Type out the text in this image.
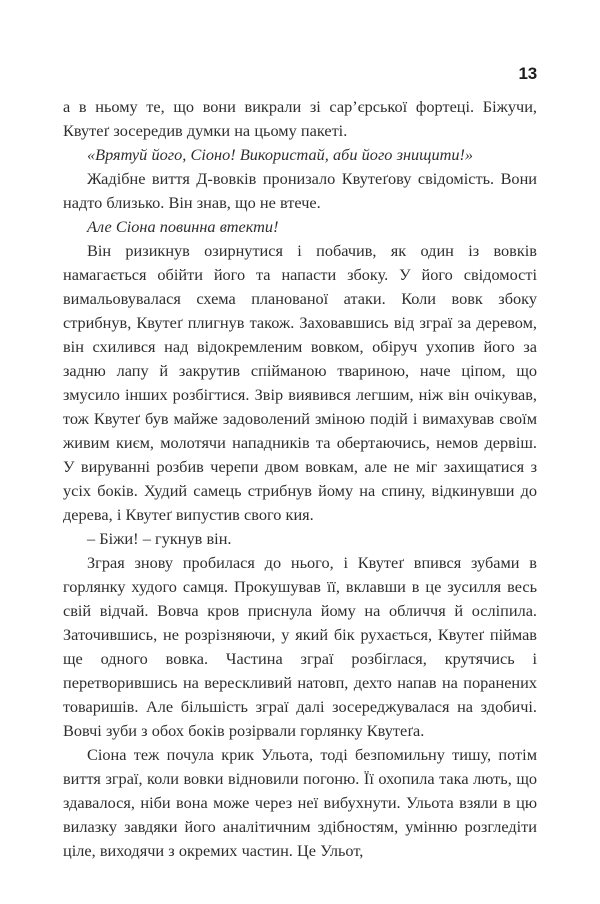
13

а в ньому те, що вони викрали зі сар’єрської фортеці. Біжучи, Квутеґ зосередив думки на цьому пакеті.

«Врятуй його, Сіоно! Використай, аби його знищити!»

Жадібне виття Д-вовків пронизало Квутеґову свідомість. Вони надто близько. Він знав, що не втече.

Але Сіона повинна втекти!

Він ризикнув озирнутися і побачив, як один із вовків намагається обійти його та напасти збоку. У його свідомості вимальовувалася схема планованої атаки. Коли вовк збоку стрибнув, Квутеґ плигнув також. Заховавшись від зграї за деревом, він схилився над відокремленим вовком, обіруч ухопив його за задню лапу й закрутив спійманою твариною, наче ціпом, що змусило інших розбігтися. Звір виявився легшим, ніж він очікував, тож Квутеґ був майже задоволений зміною подій і вимахував своїм живим києм, молотячи нападників та обертаючись, немов дервіш. У вируванні розбив черепи двом вовкам, але не міг захищатися з усіх боків. Худий самець стрибнув йому на спину, відкинувши до дерева, і Квутеґ випустив свого кия.

– Біжи! – гукнув він.

Зграя знову пробилася до нього, і Квутеґ впився зубами в горлянку худого самця. Прокушував її, вклавши в це зусилля весь свій відчай. Вовча кров приснула йому на обличчя й осліпила. Заточившись, не розрізняючи, у який бік рухається, Квутеґ піймав ще одного вовка. Частина зграї розбіглася, крутячись і перетворившись на верескливий натовп, дехто напав на поранених товаришів. Але більшість зграї далі зосереджувалася на здобичі. Вовчі зуби з обох боків розірвали горлянку Квутеґа.

Сіона теж почула крик Ульота, тоді безпомильну тишу, потім виття зграї, коли вовки відновили погоню. Її охопила така лють, що здавалося, ніби вона може через неї вибухнути. Ульота взяли в цю вилазку завдяки його аналітичним здібностям, умінню розгледіти ціле, виходячи з окремих частин. Це Ульот,
